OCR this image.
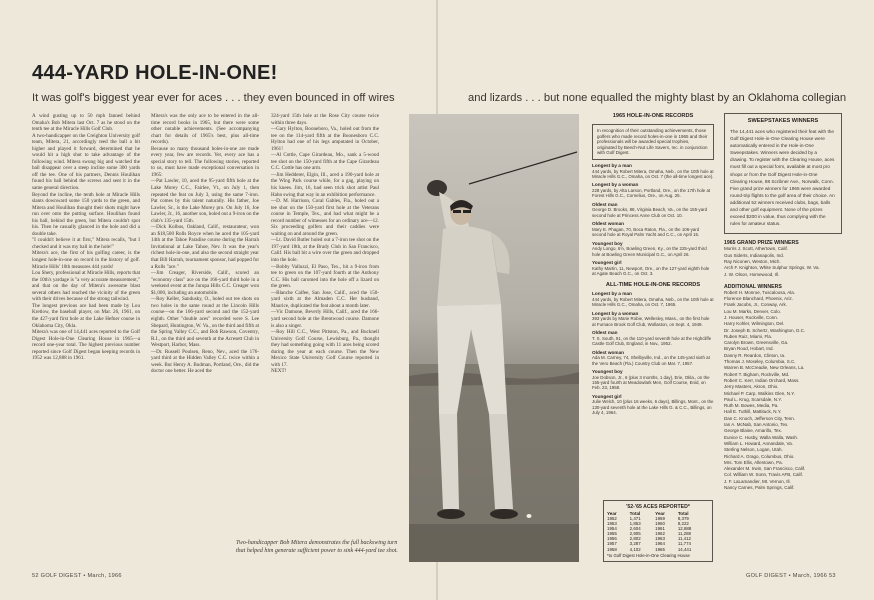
444-YARD HOLE-IN-ONE!
It was golf's biggest year ever for aces . . . they even bounced in off wires	and lizards . . . but none equalled the mighty blast by an Oklahoma collegian

A wind gusting up to 50 mph fanned behind Omaha's Bob Mitera last Oct. 7 as he stood on the tenth tee at the Miracle Hills Golf Club.

A two-handicapper on the Creighton University golf team, Mitera, 21, accordingly teed the ball a bit higher and played it forward, determined that he would hit a high shot to take advantage of the following wind. Mitera swung big and watched the ball disappear over a steep incline some 300 yards off the tee. One of his partners, Dennis Houlihan found his ball behind the screws and sent it in the same general direction.

Beyond the incline, the tenth hole at Miracle Hills slants downward some 150 yards to the green, and Mitera and Houlihan thought their shots might have run over onto the putting surface. Houlihan found his ball, behind the green, but Mitera couldn't spot his. Then he casually glanced in the hole and did a double take.

"I couldn't believe it at first," Mitera recalls, "but I checked and it was my ball in the hole!"

Mitera's ace, the first of his golfing career, is the longest hole-in-one on record in the history of golf. Miracle Hills' 10th measures 444 yards!

Lou Shery, professional at Miracle Hills, reports that the 10th's yardage is "a very accurate measurement," and that on the day of Mitera's awesome blast several others had reached the vicinity of the green with their drives because of the strong tailwind.

The longest previous ace had been made by Lou Kretlow, the baseball player, on Mar. 26, 1961, on the 427-yard first hole at the Lake Hefner course in Oklahoma City, Okla.

Mitera's was one of 14,441 aces reported to the Golf Digest Hole-in-One Clearing House in 1965—a record one-year total. The highest previous number reported since Golf Digest began keeping records in 1952 was 12,888 in 1961.

Mitera's was the only ace to be entered in the all-time record books in 1965, but there were some other notable achievements. (See accompanying chart for details of 1965's best, plus all-time records).

Because so many thousand holes-in-one are made every year, few are records. Yet, every ace has a special story to tell. The following stories, reported to us, must have made exceptional conversation in 1965:

—Pat Lawler, 10, aced the 95-yard fifth hole at the Lake Morey C.C., Fairlee, Vt., on July 1, then repeated the feat on July 3, using the same 7-iron. Pat comes by this talent naturally. His father, Joe Lawler, Sr., is the Lake Morey pro. On July 16, Joe Lawler, Jr., 16, another son, holed out a 9-iron on the club's 135-yard 15th.

—Dick Kolbus, Oakland, Calif., restaurateur, won an $18,500 Rolls Royce when he aced the 105-yard 14th at the Tahoe Paradise course during the Harrah Invitational at Lake Tahoe, Nev. It was the year's richest hole-in-one, and also the second straight year that Bill Harrah, tournament sponsor, had popped for a Rolls "ace."

—Jim Creager, Riverside, Calif., scored an "economy class" ace on the 166-yard third hole in a weekend event at the Jurupa Hills C.C. Creager won $1,000, including an automobile.

—Roy Keller, Sandusky, O., holed out tee shots on two holes in the same round at the Lincoln Hills course—on the 166-yard second and the 152-yard eighth. Other "double aces" recorded were S. Lee Shepard, Huntington, W. Va., on the third and fifth at the Spring Valley C.C., and Bob Rawson, Coventry, R.I., on the third and seventh at the Acresett Club in Westport, Harbor, Mass.

—Dr. Russell Poulsen, Reno, Nev., aced the 176-yard third at the Hidden Valley C.C. twice within a week. But Henry A. Budman, Portland, Ore., did the doctor one better. He aced the

324-yard 15th hole at the Rose City course twice within three days.

—Gary Hylton, Booneboro, Va., holed out from the tee on the 114-yard fifth at the Boonesboro C.C. Hylton had one of his legs amputated in October, 1961!

—Al Cottle, Cape Girardeau, Mo., sank a 5-wood tee shot on the 150-yard fifth at the Cape Girardeau C.C. Cottle has one arm.

—Jim Hedderer, Elgin, Ill., aced a 190-yard hole at the Wing Park course while, for a gag, playing on his knees. Jim, 16, had seen trick shot artist Paul Hahn swing that way in an exhibition performance.

—D. M. Harrison, Coral Gables, Fla., holed out a tee shot on the 150-yard first hole at the Veterans course in Temple, Tex., and had what might be a record number of witnesses for an ordinary ace—12. Six proceeding golfers and their caddies were waiting on and around the green.

—Lt. David Butler holed out a 7-iron tee shot on the 197-yard 18th, at the Brady Club in San Francisco, Calif. His ball hit a wire over the green and dropped into the hole.

—Bobby Valluzzi, El Paso, Tex., hit a 9-iron from tee to green on the 107-yard fourth at the Anthony C.C. His ball caromed into the hole off a lizard on the green.

—Blanche Calfee, San Jose, Calif., aced the 150-yard sixth at the Almaden C.C. Her husband, Maurice, duplicated the feat about a month later.

—Vic Damone, Beverly Hills, Calif., aced the 166-yard second hole at the Brentwood course. Damone is also a singer.

—Roy Hill C.C., West Pittston, Pa., and Bucknell University Golf Course, Lewisburg, Pa., thought they had something going with 11 aces being scored during the year at each course. Then the New Mexico State University Golf Course reported in with 17.

NEXT!

Two-handicapper Bob Mitera demonstrates the full backswing turn that helped him generate sufficient power to sink 444-yard tee shot.
1965 HOLE-IN-ONE RECORDS
In recognition of their outstanding achievements, those golfers who made record holes-in-one in 1965 and their professionals will be awarded special trophies, originated by Beech-Nut Life Savers, Inc. in conjunction with Golf Digest.
Longest by a man
444 yards, by Robert Mitera, Omaha, Neb., on the 10th hole at Miracle Hills G.C., Omaha, on Oct. 7 (the all-time longest ace).
Longest by a woman
228 yards, by Alta Larson, Portland, Ore., on the 17th hole at Forest Hills G.C., Cornelius, Ore., on Aug. 25.
Oldest man
George D. Brooks, 88, Virginia Beach, Va., on the 155-yard second hole at Princess Anne Club on Oct. 10.
Oldest woman
Mary E. Phagan, 70, Boca Raton, Fla., on the 106-yard second hole at Royal Palm Yacht and C.C., on April 15.
Youngest boy
Andy Longo, 6½, Bowling Green, Ky., on the 225-yard third hole at Bowling Green Municipal G.C., on April 26.
Youngest girl
Kathy Martin, 11, Newport, Ore., on the 127-yard eighth hole at Agate Beach G.C., on Oct. 3.
ALL-TIME HOLE-IN-ONE RECORDS
Longest by a man
444 yards, by Robert Mitera, Omaha, Neb., on the 10th hole at Miracle Hills G.C., Omaha, on Oct. 7, 1965.
Longest by a woman
393 yards by Marie Robie, Wellesley, Mass., on the first hole at Furnace Brook Golf Club, Wollaston, on Sept. 4, 1949.
Oldest man
T. S. South, 91, on the 110-yard seventh hole at the Highcliffe Castle Golf Club, England, in Nov., 1952.
Oldest woman
Ada M. Carney, 74, Shelbyville, Ind., on the 145-yard sixth at the Vero Beach (Fla.) Country Club on Mar. 7, 1957.
Youngest boy
Joe Dobson, Jr., 6 (plus 3 months, 1 day), Erie, Okla., on the 155-yard fourth at Meadowlark Men, Golf Course, Enid, on Feb. 23, 1958.
Youngest girl
Julie Welch, 10 (plus 16 weeks, 6 days), Billings, Mont., on the 130-yard seventh hole at the Lake Hills G. & C.C., Billings, on July 4, 1964.
'52-'65 ACES REPORTED*
Year	Total	Year	Total
1952	1,471	1959	8,379
1953	1,853	1960	8,222
1954	2,604	1961	12,888
1955	2,905	1962	11,288
1956	2,802	1963	11,412
1957	3,287	1964	11,774
1958	4,102	1965	14,441
*to Golf Digest Hole-in-One Clearing House
SWEEPSTAKES WINNERS

The 14,441 aces who registered their feat with the Golf Digest Hole-in-One Clearing House were automatically entered in the Hole-in-One Sweepstakes. Winners were decided by a drawing. To register with the Clearing House, aces must fill out a special form, available at most pro shops or from the Golf Digest Hole-in-One Clearing House, 88 Scribner Ave., Norwalk, Conn.

Five grand prize winners for 1965 were awarded round-trip flights to the golf area of their choice. An additional 52 winners received clubs, bags, balls and other golf equipment. None of the prizes exceed $200 in value, thus complying with the rules for amateur status.

1965 GRAND PRIZE WINNERS
Morris J. Scott, Athertown, Calif.
Gus Siderts, Indianapolis, Ind.
Ray Niconen, Weston, Mich.
Arch F. Knighton, White Sulphur Springs, W. Va.
J. W. Olson, Homewood, Ill.
ADDITIONAL WINNERS
Robert H. Monroe, Tuscaloosa, Ala.
Florence Blanchard, Phoenix, Ariz.
Frank Jacobs, Jr., Conway, Ark.
Lou M. Marks, Denver, Colo.
J. Houser, Rockville, Conn.
Harry Kohler, Wilmington, Del.
Dr. Joseph B. Schertz, Washington, D.C.
Ruben Ruiz, Miami, Fla.
Carolyn Brown, Greensville, Ga.
Bryan Rood, Hobart, Ind.
Danny R. Reardon, Clinton, Ia.
Thomas J. Moseley, Columbia, S.C.
Warren B. McCreadie, New Orleans, La.
Robert T. Bigham, Rockville, Md.
Robert C. Kerr, Indian Orchard, Mass.
Jerry Masters, Akron, Ohio.
Michael P. Carp, Walkins Glen, N.Y.
Paul L. Krug, Scarsdale, N.Y.
Ruth M. Bowes, Media, Pa.
Hall E. Tuthill, Mattituck, N.Y.
Dan C. Knoch, Jefferson City, Tenn.
Ian A. McNab, San Antonio, Tex.
George Blaine, Amarillo, Tex.
Eunice C. Husby, Walla Walla, Wash.
William L. Howard, Annandale, Va.
Sterling Nelson, Logan, Utah.
Richard A. Grago, Columbus, Ohio.
Mrs. Tom Ellis, Allentown, Pa.
Alexander M. Irwin, San Francisco, Calif.
Col. William W. Sonn, Travis AFB, Calif.
J. F. LaLamandier, Mt. Vernon, Ill.
Nancy Carnes, Palm Springs, Calif.
52 GOLF DIGEST • March, 1966	GOLF DIGEST • March, 1966 53
